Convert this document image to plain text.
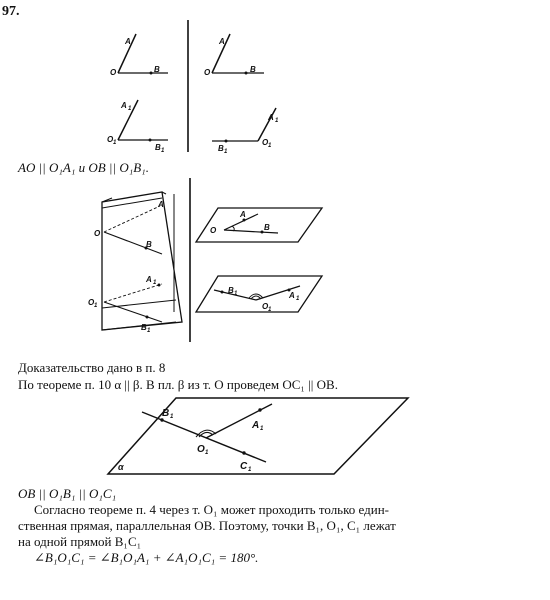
97.
A
O	B
A
O	B
A 1
O 1	B 1
A 1
O 1
B 1
A
O
B
A 1
O 1
B 1
A
O	B
B 1	A 1
O 1
B 1
A 1
O 1
C 1
α
AO || O₁A₁ и OB || O₁B₁.
Доказательство дано в п. 8
По теореме п. 10 α || β. В пл. β из т. O проведем OC₁ || OB.
OB || O₁B₁ || O₁C₁
Согласно теореме п. 4 через т. O₁ может проходить только един-
ственная прямая, параллельная OB. Поэтому, точки B₁, O₁, C₁ лежат
на одной прямой B₁C₁
∠B₁O₁C₁ = ∠B₁O₁A₁ + ∠A₁O₁C₁ = 180°.
